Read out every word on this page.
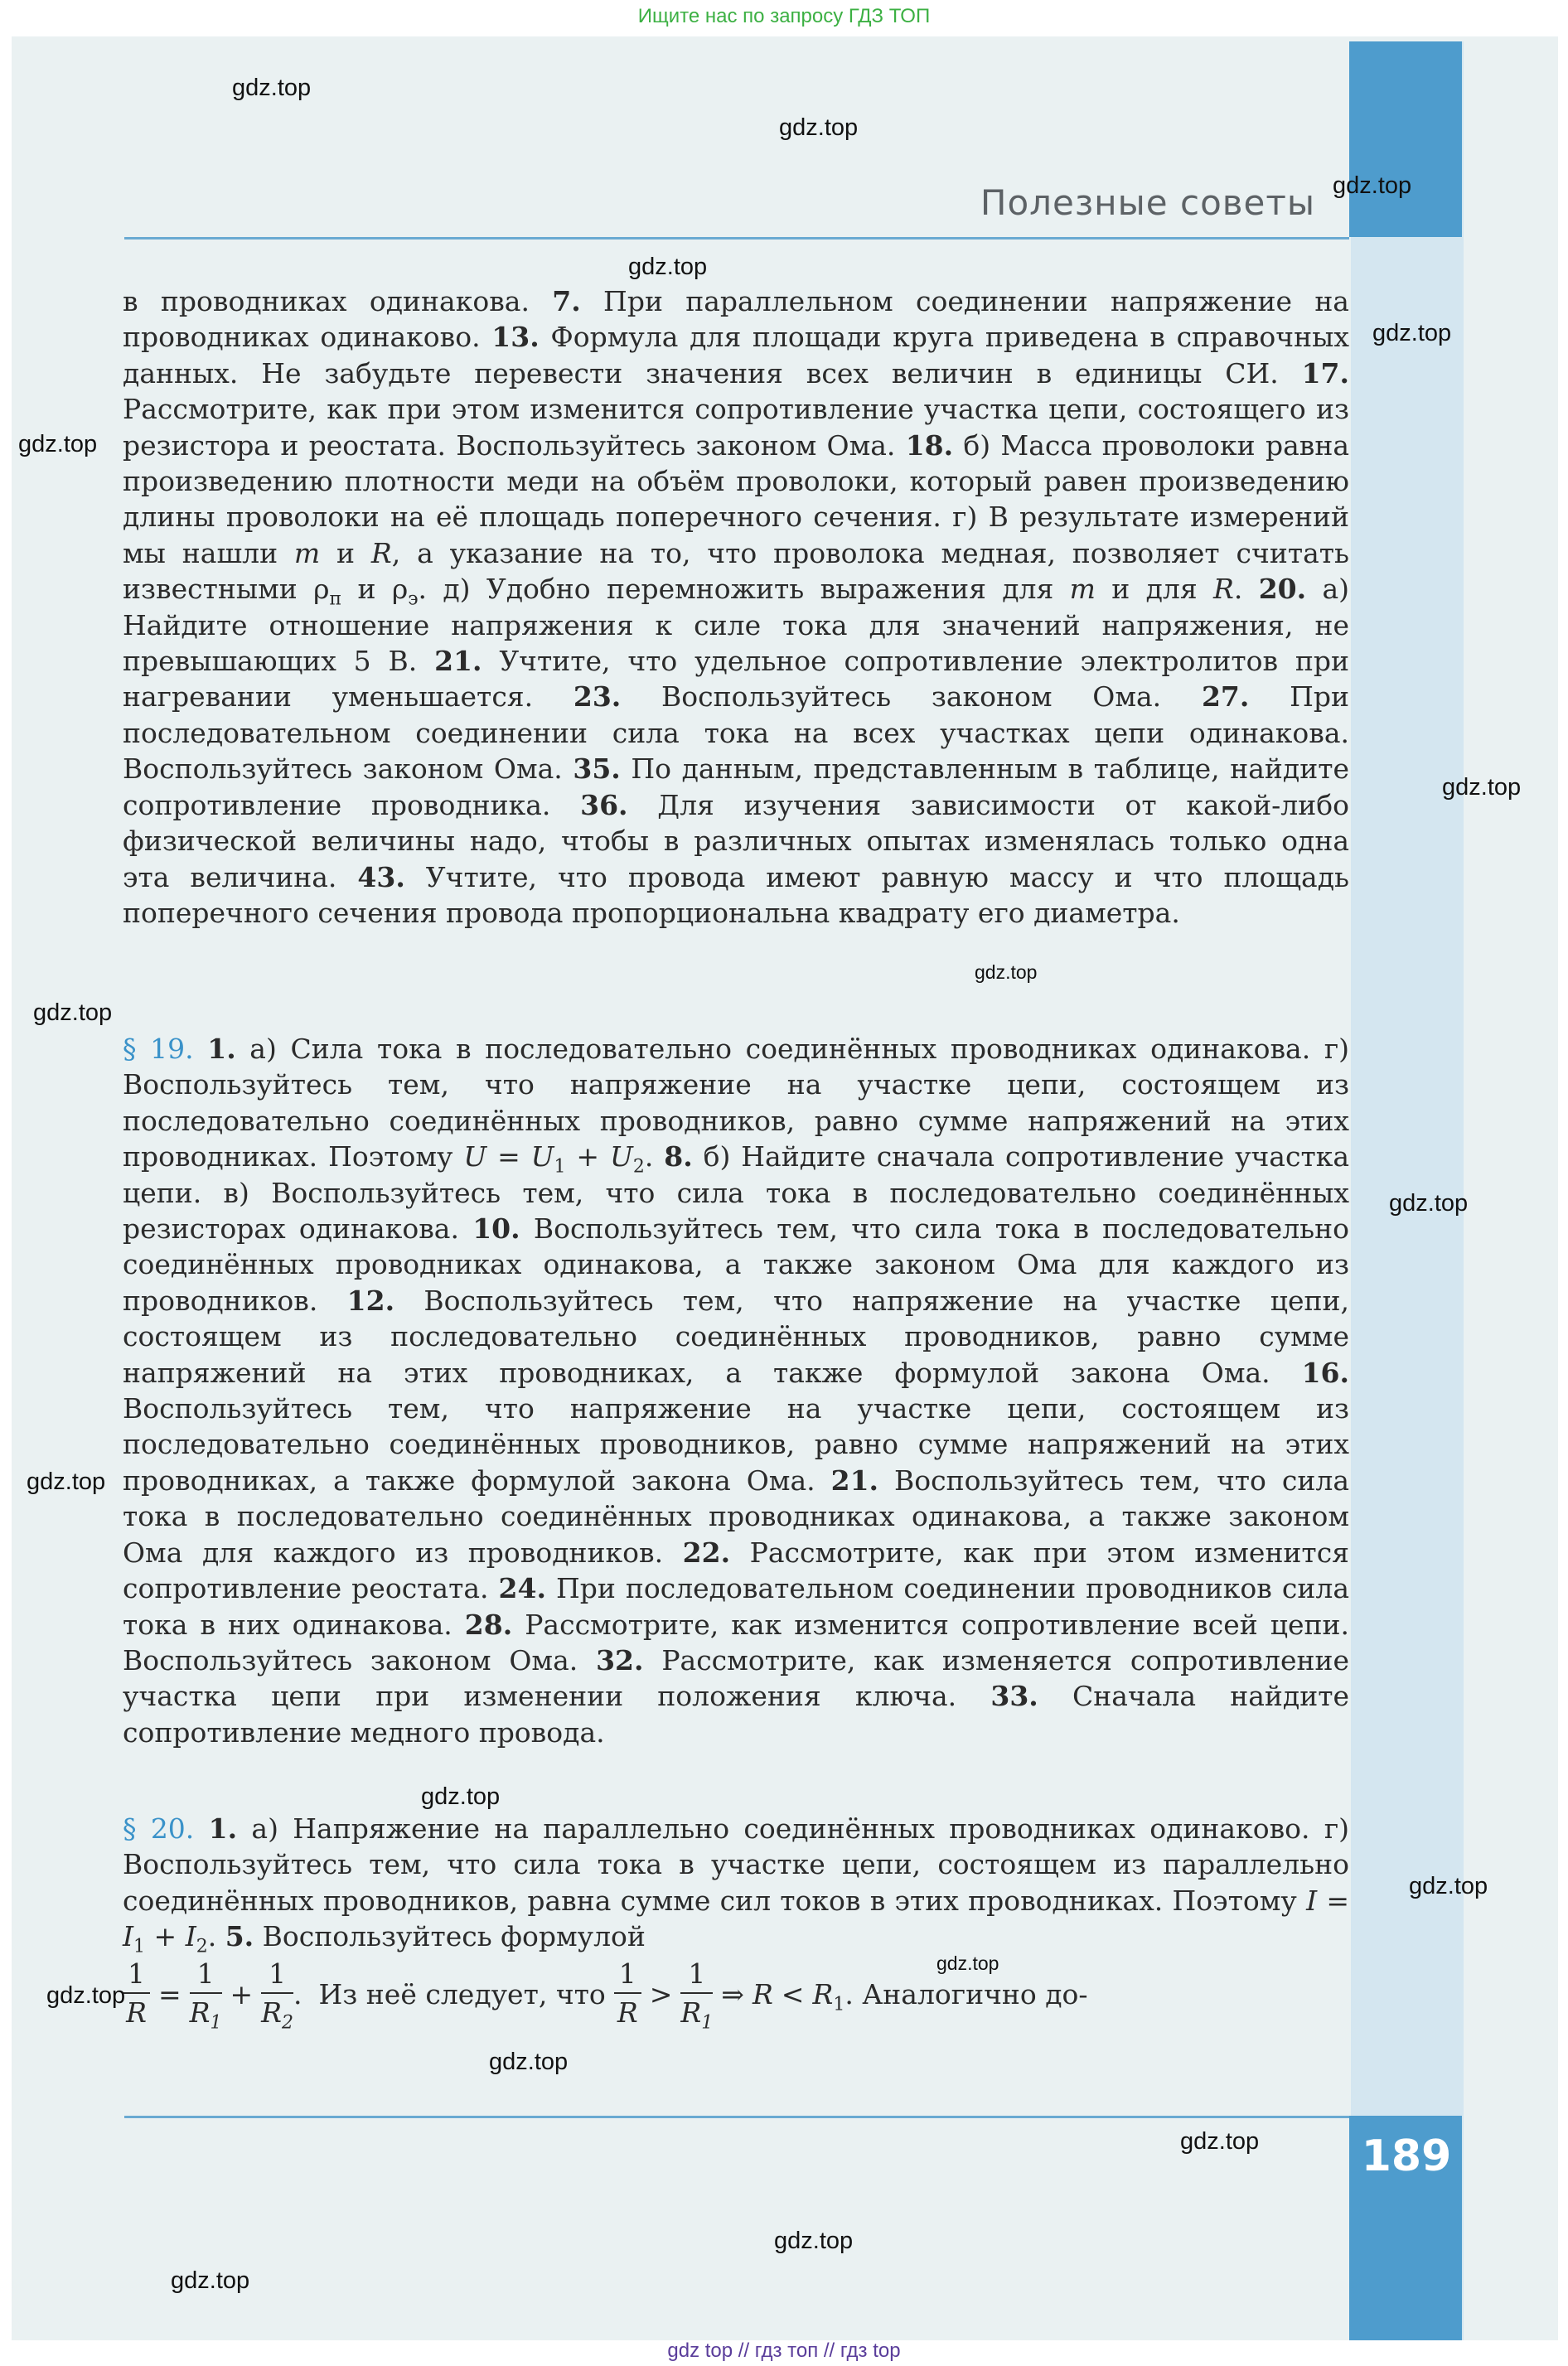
Ищите нас по запросу ГДЗ ТОП
Полезные советы

в проводниках одинакова. 7. При параллельном соединении напряжение на проводниках одинаково. 13. Формула для площади круга приведена в справочных данных. Не забудьте перевести значения всех величин в единицы СИ. 17. Рассмотрите, как при этом изменится сопротивление участка цепи, состоящего из резистора и реостата. Воспользуйтесь законом Ома. 18. б) Масса проволоки равна произведению плотности меди на объём проволоки, который равен произведению длины проволоки на её площадь поперечного сечения. г) В результате измерений мы нашли m и R, а указание на то, что проволока медная, позволяет считать известными $\rho_п$ и $\rho_э$. д) Удобно перемножить выражения для m и для R. 20. а) Найдите отношение напряжения к силе тока для значений напряжения, не превышающих 5 В. 21. Учтите, что удельное сопротивление электролитов при нагревании уменьшается. 23. Воспользуйтесь законом Ома. 27. При последовательном соединении сила тока на всех участках цепи одинакова. Воспользуйтесь законом Ома. 35. По данным, представленным в таблице, найдите сопротивление проводника. 36. Для изучения зависимости от какой-либо физической величины надо, чтобы в различных опытах изменялась только одна эта величина. 43. Учтите, что провода имеют равную массу и что площадь поперечного сечения провода пропорциональна квадрату его диаметра.

§ 19. 1. а) Сила тока в последовательно соединённых проводниках одинакова. г) Воспользуйтесь тем, что напряжение на участке цепи, состоящем из последовательно соединённых проводников, равно сумме напряжений на этих проводниках. Поэтому $U = U_1 + U_2$. 8. б) Найдите сначала сопротивление участка цепи. в) Воспользуйтесь тем, что сила тока в последовательно соединённых резисторах одинакова. 10. Воспользуйтесь тем, что сила тока в последовательно соединённых проводниках одинакова, а также законом Ома для каждого из проводников. 12. Воспользуйтесь тем, что напряжение на участке цепи, состоящем из последовательно соединённых проводников, равно сумме напряжений на этих проводниках, а также формулой закона Ома. 16. Воспользуйтесь тем, что напряжение на участке цепи, состоящем из последовательно соединённых проводников, равно сумме напряжений на этих проводниках, а также формулой закона Ома. 21. Воспользуйтесь тем, что сила тока в последовательно соединённых проводниках одинакова, а также законом Ома для каждого из проводников. 22. Рассмотрите, как при этом изменится сопротивление реостата. 24. При последовательном соединении проводников сила тока в них одинакова. 28. Рассмотрите, как изменится сопротивление всей цепи. Воспользуйтесь законом Ома. 32. Рассмотрите, как изменяется сопротивление участка цепи при изменении положения ключа. 33. Сначала найдите сопротивление медного провода.

§ 20. 1. а) Напряжение на параллельно соединённых проводниках одинаково. г) Воспользуйтесь тем, что сила тока в участке цепи, состоящем из параллельно соединённых проводников, равна сумме сил токов в этих проводниках. Поэтому $I = I_1 + I_2$. 5. Воспользуйтесь формулой

$\frac{1}{R} = \frac{1}{R_1} + \frac{1}{R_2}$ . Из неё следует, что $\frac{1}{R} > \frac{1}{R_1}$ ⇒ $R < R_1$. Аналогично до-
189
gdz.top
gdz.top
gdz.top
gdz.top
gdz.top
gdz.top
gdz.top
gdz.top
gdz.top
gdz.top
gdz.top
gdz.top
gdz.top
gdz.top
gdz.top
gdz.top
gdz.top
gdz.top
gdz.top
gdz top // гдз топ // гдз top
